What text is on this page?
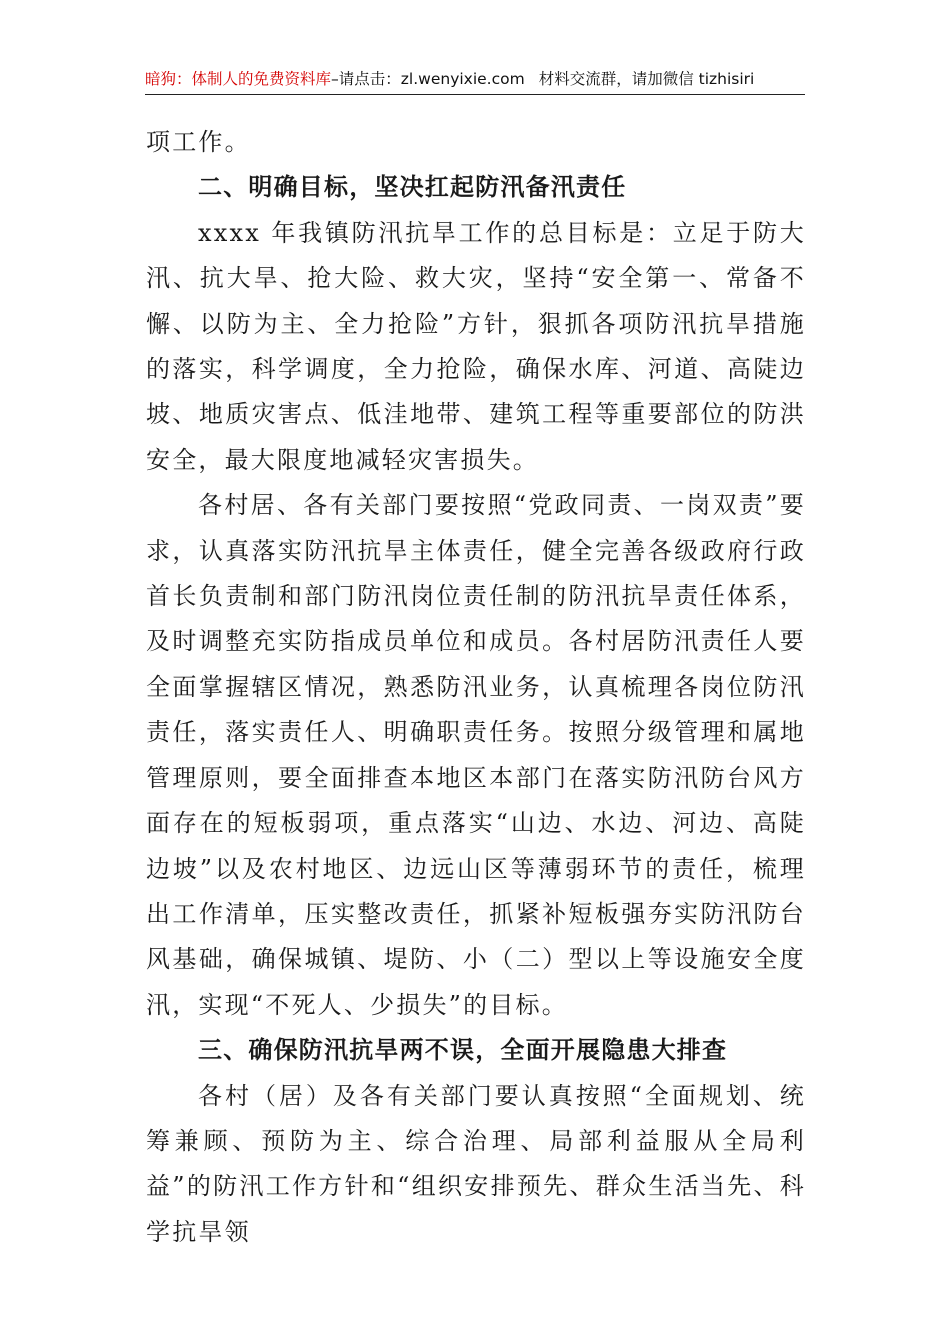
暗狗：体制人的免费资料库–请点击：zl.wenyixie.com 材料交流群，请加微信 tizhisiri

项工作。

二、明确目标，坚决扛起防汛备汛责任

xxxx 年我镇防汛抗旱工作的总目标是：立足于防大汛、抗大旱、抢大险、救大灾，坚持“安全第一、常备不懈、以防为主、全力抢险”方针，狠抓各项防汛抗旱措施的落实，科学调度，全力抢险，确保水库、河道、高陡边坡、地质灾害点、低洼地带、建筑工程等重要部位的防洪安全，最大限度地减轻灾害损失。

各村居、各有关部门要按照“党政同责、一岗双责”要求，认真落实防汛抗旱主体责任，健全完善各级政府行政首长负责制和部门防汛岗位责任制的防汛抗旱责任体系，及时调整充实防指成员单位和成员。各村居防汛责任人要全面掌握辖区情况，熟悉防汛业务，认真梳理各岗位防汛责任，落实责任人、明确职责任务。按照分级管理和属地管理原则，要全面排查本地区本部门在落实防汛防台风方面存在的短板弱项，重点落实“山边、水边、河边、高陡边坡”以及农村地区、边远山区等薄弱环节的责任，梳理出工作清单，压实整改责任，抓紧补短板强夯实防汛防台风基础，确保城镇、堤防、小（二）型以上等设施安全度汛，实现“不死人、少损失”的目标。

三、确保防汛抗旱两不误，全面开展隐患大排查

各村（居）及各有关部门要认真按照“全面规划、统筹兼顾、预防为主、综合治理、局部利益服从全局利益”的防汛工作方针和“组织安排预先、群众生活当先、科学抗旱领
